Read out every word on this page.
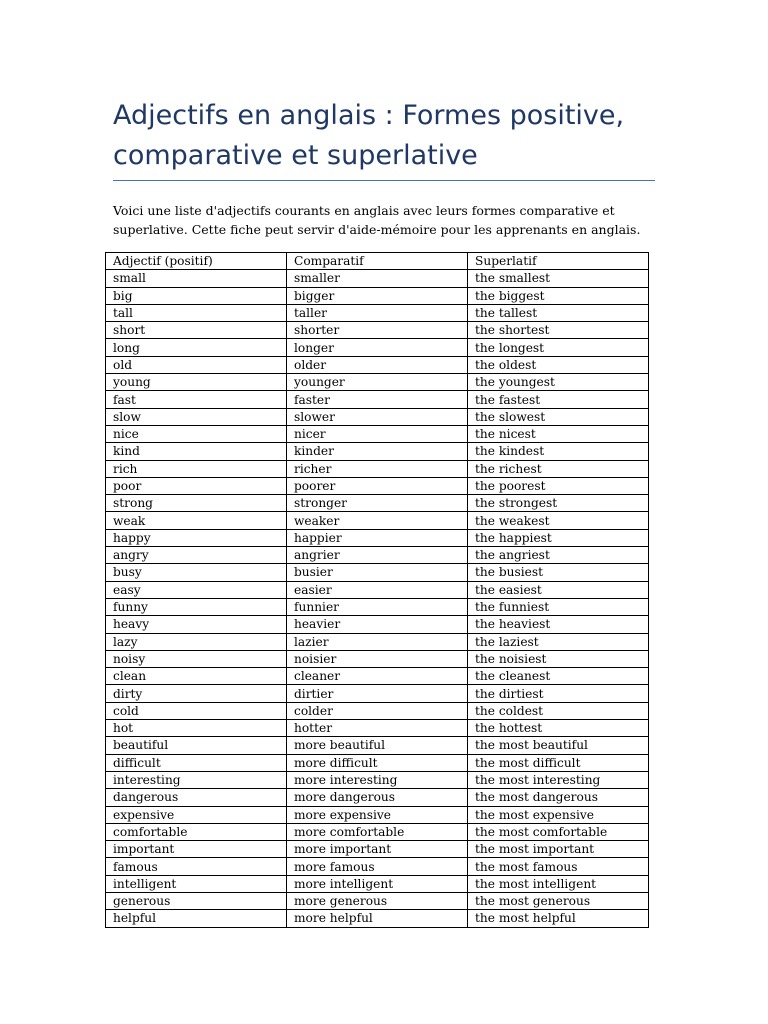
Adjectifs en anglais : Formes positive, comparative et superlative

Voici une liste d'adjectifs courants en anglais avec leurs formes comparative et superlative. Cette fiche peut servir d'aide-mémoire pour les apprenants en anglais.

Adjectif (positif)	Comparatif	Superlatif
small	smaller	the smallest
big	bigger	the biggest
tall	taller	the tallest
short	shorter	the shortest
long	longer	the longest
old	older	the oldest
young	younger	the youngest
fast	faster	the fastest
slow	slower	the slowest
nice	nicer	the nicest
kind	kinder	the kindest
rich	richer	the richest
poor	poorer	the poorest
strong	stronger	the strongest
weak	weaker	the weakest
happy	happier	the happiest
angry	angrier	the angriest
busy	busier	the busiest
easy	easier	the easiest
funny	funnier	the funniest
heavy	heavier	the heaviest
lazy	lazier	the laziest
noisy	noisier	the noisiest
clean	cleaner	the cleanest
dirty	dirtier	the dirtiest
cold	colder	the coldest
hot	hotter	the hottest
beautiful	more beautiful	the most beautiful
difficult	more difficult	the most difficult
interesting	more interesting	the most interesting
dangerous	more dangerous	the most dangerous
expensive	more expensive	the most expensive
comfortable	more comfortable	the most comfortable
important	more important	the most important
famous	more famous	the most famous
intelligent	more intelligent	the most intelligent
generous	more generous	the most generous
helpful	more helpful	the most helpful
